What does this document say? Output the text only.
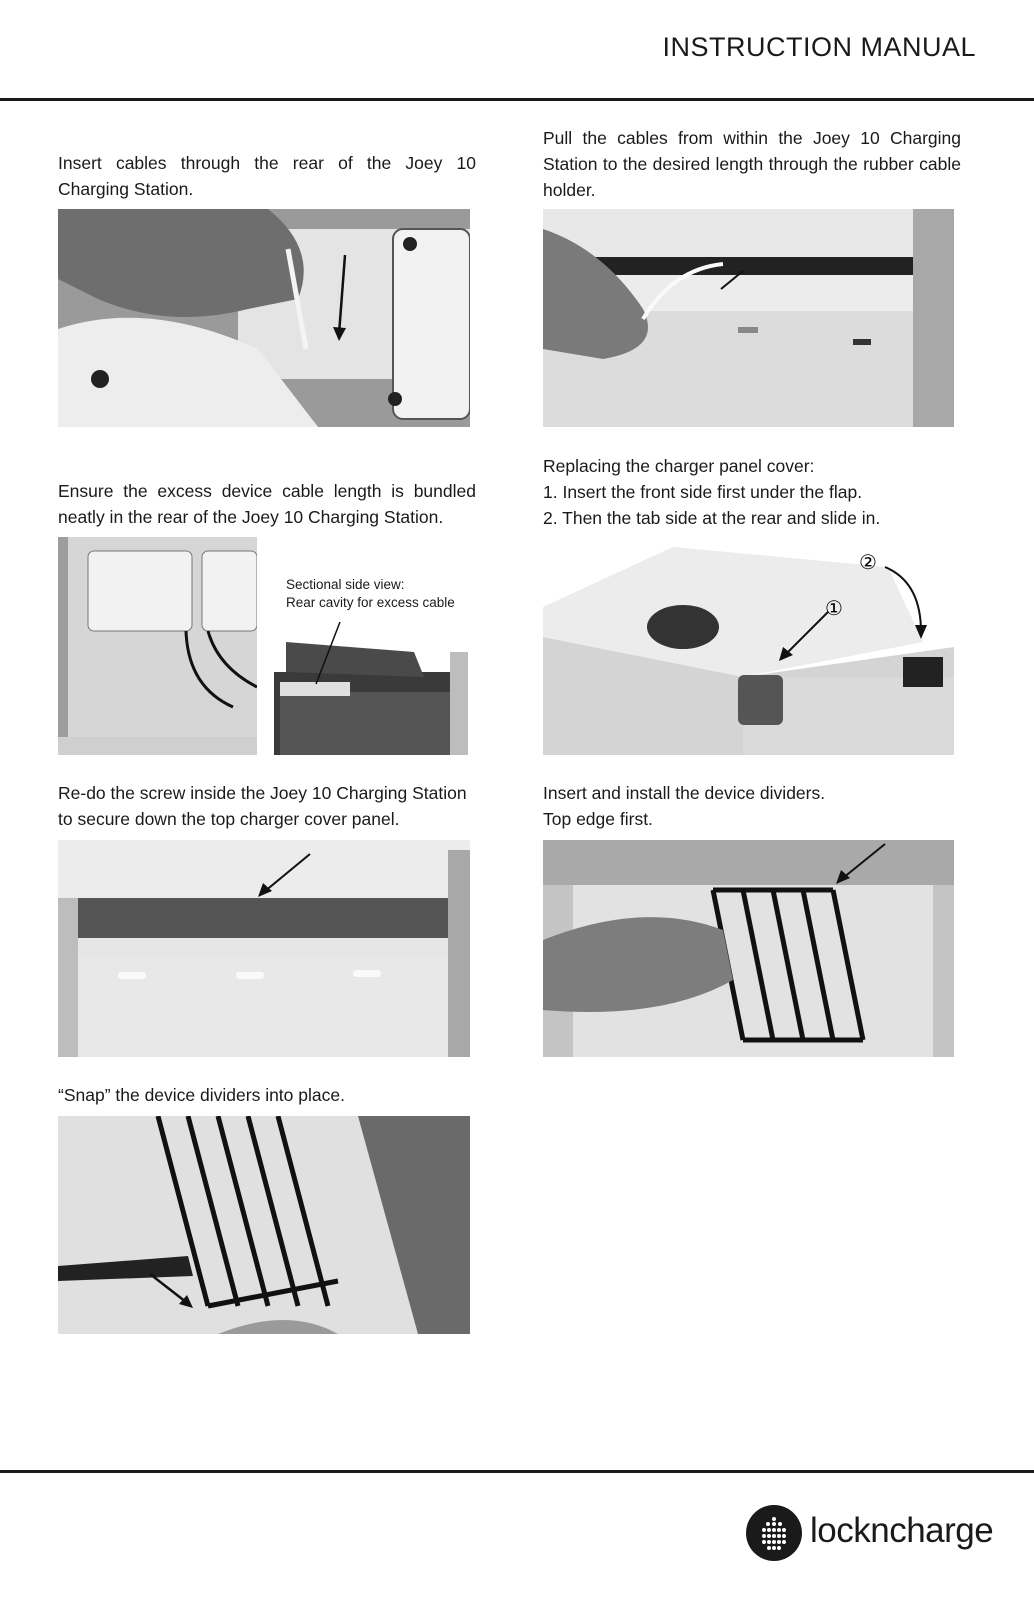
INSTRUCTION MANUAL

Insert cables through the rear of the Joey 10 Charging Station.

Pull the cables from within the Joey 10 Charging Station to the desired length through the rubber cable holder.

Ensure the excess device cable length is bundled neatly in the rear of the Joey 10 Charging Station.

Sectional side view:
Rear cavity for excess cable

Replacing the charger panel cover:

1. Insert the front side first under the flap.

2. Then the tab side at the rear and slide in.

①
②

Re-do the screw inside the Joey 10 Charging Station to secure down the top charger cover panel.

Insert and install the device dividers.

Top edge first.

“Snap” the device dividers into place.

lockncharge
